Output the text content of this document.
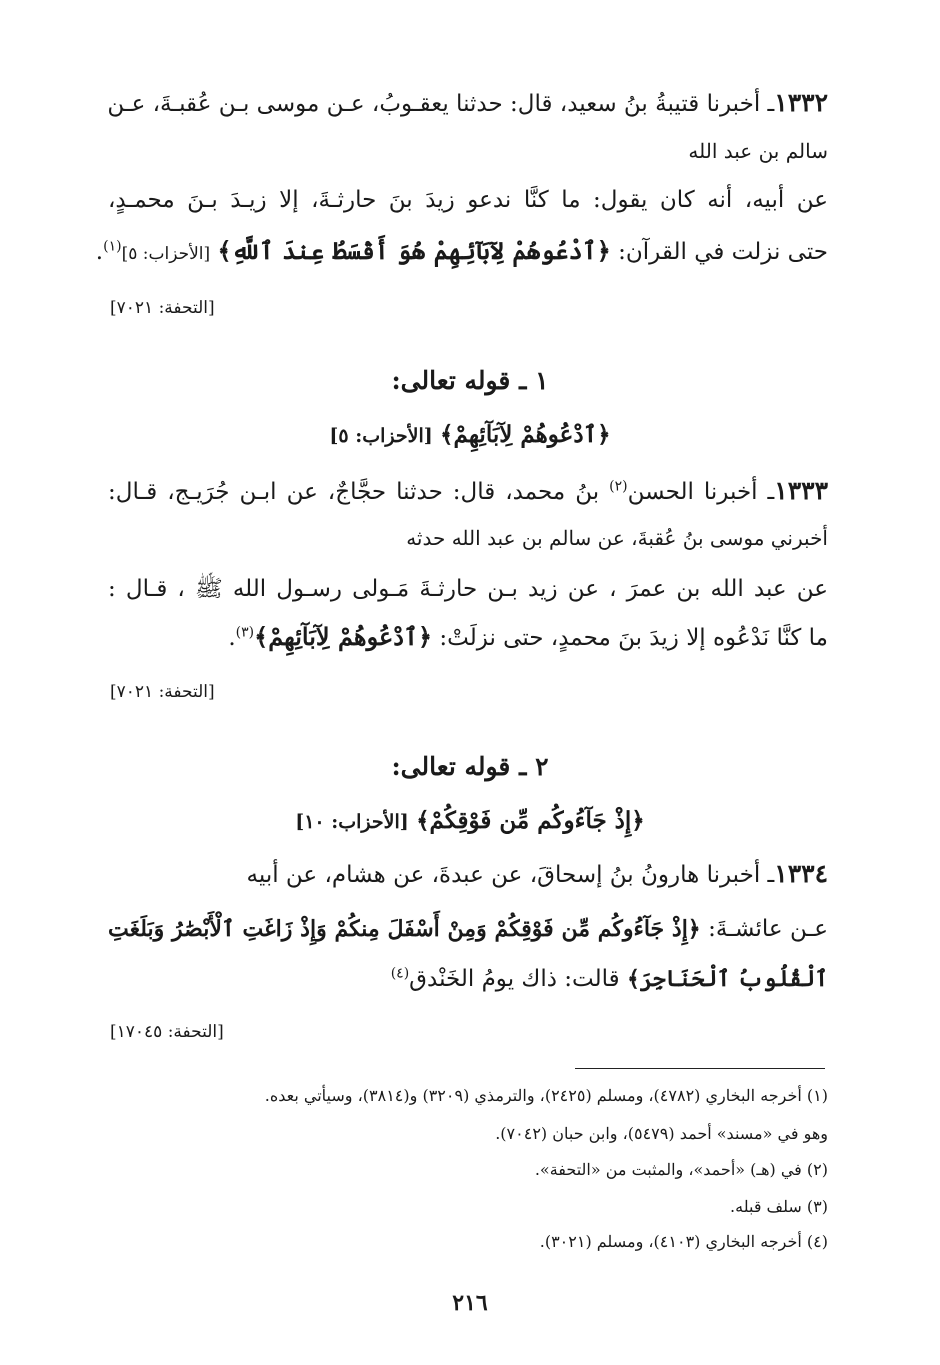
١٣٣٢ـ أخبرنا قتيبةُ بنُ سعيد، قال: حدثنا يعقـوبُ، عـن موسى بـن عُقبـةَ، عـن
سالم بن عبد الله
عن أبيه، أنه كان يقول: ما كنَّا ندعو زيدَ بنَ حارثـةَ، إلا زيـدَ بـنَ محمـدٍ،
حتى نزلت في القرآن: ﴿ٱدْعُوهُمْ لِآبَآئِهِمْ هُوَ أَقْسَطُ عِندَ ٱللَّهِ﴾ [الأحزاب: ٥]$^{(١)}$.
[التحفة: ٧٠٢١]
١ ـ قوله تعالى:
﴿ٱدْعُوهُمْ لِآبَآئِهِمْ﴾ [الأحزاب: ٥]
١٣٣٣ـ أخبرنا الحسن$^{(٢)}$ بنُ محمد، قال: حدثنا حجَّاجٌ، عن ابـن جُرَيـج، قـال:
أخبرني موسى بنُ عُقبةَ، عن سالم بن عبد الله حدثه
عن عبد الله بن عمرَ ، عن زيد بـن حارثـةَ مَـولى رسـول الله ﷺ ، قـال :
ما كنَّا نَدْعُوه إلا زيدَ بنَ محمدٍ، حتى نزلَتْ: ﴿ٱدْعُوهُمْ لِآبَآئِهِمْ﴾$^{(٣)}$.
[التحفة: ٧٠٢١]
٢ ـ قوله تعالى:
﴿إِذْ جَآءُوكُم مِّن فَوْقِكُمْ﴾ [الأحزاب: ١٠]
١٣٣٤ـ أخبرنا هارونُ بنُ إسحاقَ، عن عبدةَ، عن هشام، عن أبيه
عـن عائشـةَ: ﴿إِذْ جَآءُوكُم مِّن فَوْقِكُمْ وَمِنْ أَسْفَلَ مِنكُمْ وَإِذْ زَاغَتِ ٱلْأَبْصَٰرُ وَبَلَغَتِ
ٱلْقُلُوبُ ٱلْحَنَاجِرَ﴾ قالت: ذاك يومُ الخَنْدق$^{(٤)}$
[التحفة: ١٧٠٤٥]
(١) أخرجه البخاري (٤٧٨٢)، ومسلم (٢٤٢٥)، والترمذي (٣٢٠٩) و(٣٨١٤)، وسيأتي بعده.
وهو في «مسند» أحمد (٥٤٧٩)، وابن حبان (٧٠٤٢).
(٢) في (هـ) «أحمد»، والمثبت من «التحفة».
(٣) سلف قبله.
(٤) أخرجه البخاري (٤١٠٣)، ومسلم (٣٠٢١).
٢١٦
